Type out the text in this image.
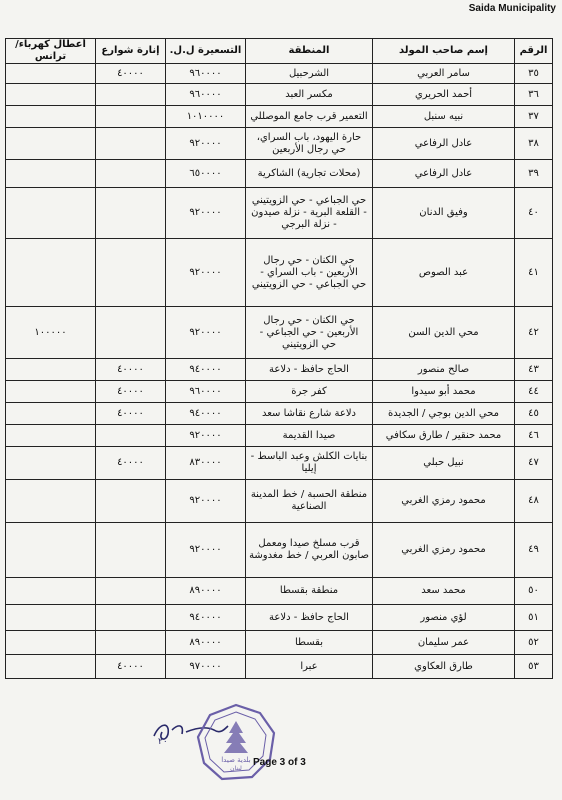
Saida Municipality
الرقم	إسم صاحب المولد	المنطقة	التسعيرة ل.ل.	إنارة شوارع	أعطال كهرباء/ترانس
٣٥	سامر العربي	الشرحبيل	٩٦٠٠٠٠	٤٠٠٠٠	
٣٦	أحمد الحريري	مكسر العبد	٩٦٠٠٠٠		
٣٧	نبيه سنبل	التعمير قرب جامع الموصللي	١٠١٠٠٠٠		
٣٨	عادل الرفاعي	حارة اليهود، باب السراي،
حي رجال الأربعين	٩٢٠٠٠٠		
٣٩	عادل الرفاعي	(محلات تجارية) الشاكرية	٦٥٠٠٠٠		
٤٠	وفيق الدنان	حي الجباعي - حي الزويتيني
- القلعة البرية - نزلة صيدون
- نزلة البرجي	٩٢٠٠٠٠		
٤١	عبد الصوص	حي الكنان - حي رجال
الأربعين - باب السراي -
حي الجباعي - حي الزويتيني	٩٢٠٠٠٠		
٤٢	محي الدين السن	حي الكنان - حي رجال
الأربعين - حي الجباعي -
حي الزويتيني	٩٢٠٠٠٠		١٠٠٠٠٠
٤٣	صالح منصور	الحاج حافظ - دلاعة	٩٤٠٠٠٠	٤٠٠٠٠	
٤٤	محمد أبو سيدوا	كفر جرة	٩٦٠٠٠٠	٤٠٠٠٠	
٤٥	محي الدين بوجي / الجديدة	دلاعة شارع نقاشا سعد	٩٤٠٠٠٠	٤٠٠٠٠	
٤٦	محمد حنقير / طارق سكافي	صيدا القديمة	٩٢٠٠٠٠		
٤٧	نبيل حبلي	بنايات الكلش وعبد الباسط -
إيليا	٨٣٠٠٠٠	٤٠٠٠٠	
٤٨	محمود رمزي الغربي	منطقة الحسبة / خط المدينة
الصناعية	٩٢٠٠٠٠		
٤٩	محمود رمزي الغربي	قرب مسلخ صيدا ومعمل
صابون العربي / خط مغدوشة	٩٢٠٠٠٠		
٥٠	محمد سعد	منطقة بقسطا	٨٩٠٠٠٠		
٥١	لؤي منصور	الحاج حافظ - دلاعة	٩٤٠٠٠٠		
٥٢	عمر سليمان	بقسطا	٨٩٠٠٠٠		
٥٣	طارق العكاوي	عبرا	٩٧٠٠٠٠	٤٠٠٠٠	
٢٠
بلدية صيدا
لبنان
Page 3 of 3
